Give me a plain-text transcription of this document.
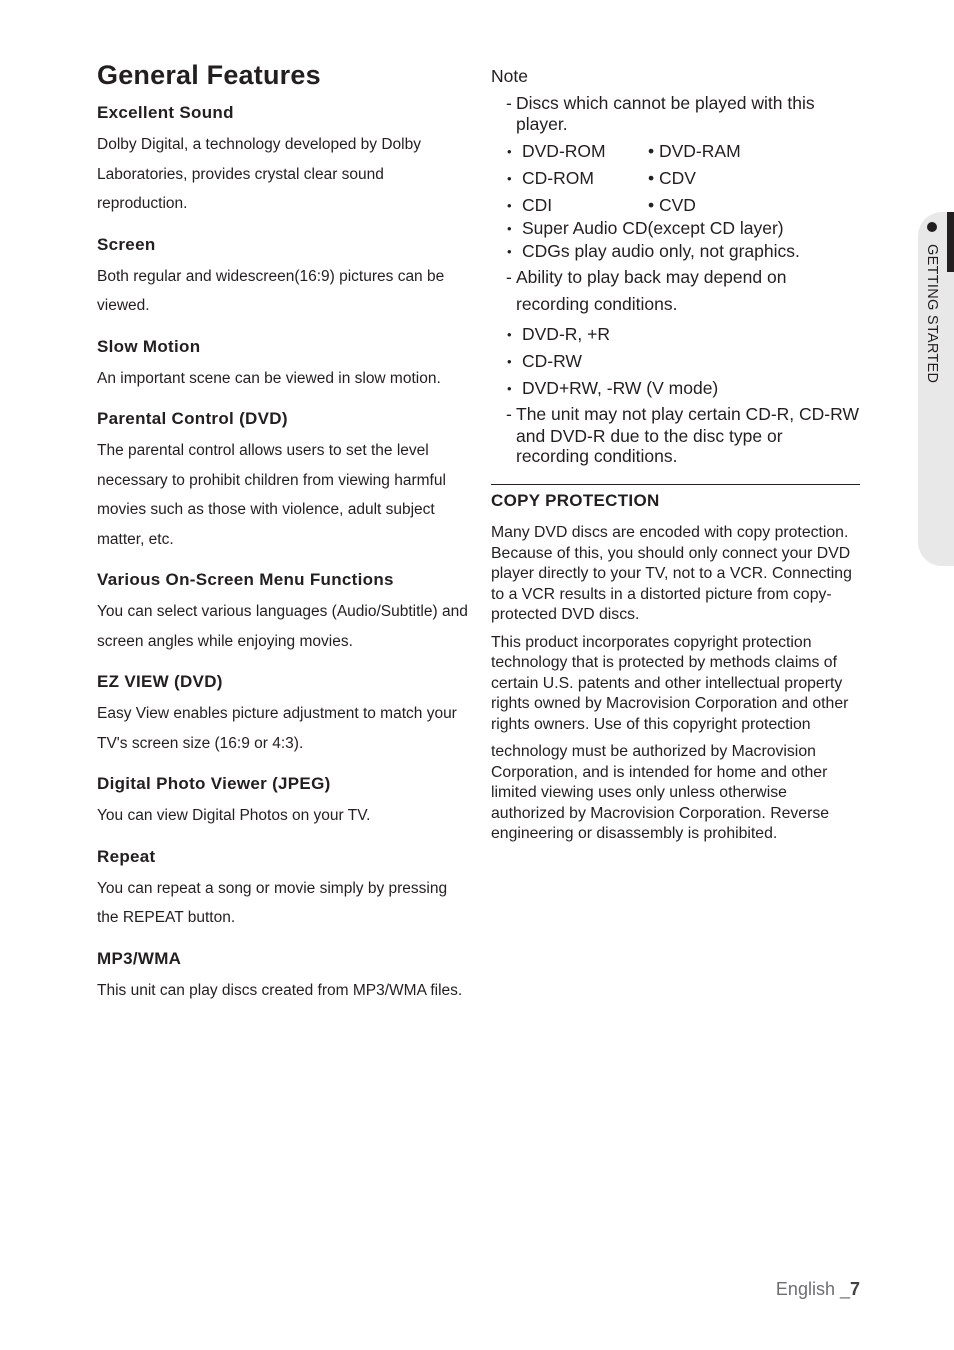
General Features
Excellent Sound

Dolby Digital, a technology developed by Dolby Laboratories, provides crystal clear sound reproduction.

Screen

Both regular and widescreen(16:9) pictures can be viewed.

Slow Motion

An important scene can be viewed in slow motion.

Parental Control (DVD)

The parental control allows users to set the level necessary to prohibit children from viewing harmful movies such as those with violence, adult subject matter, etc.

Various On-Screen Menu Functions

You can select various languages (Audio/Subtitle) and screen angles while enjoying movies.

EZ VIEW (DVD)

Easy View enables picture adjustment to match your TV's screen size (16:9 or 4:3).

Digital Photo Viewer (JPEG)

You can view Digital Photos on your TV.

Repeat

You can repeat a song or movie simply by pressing the REPEAT button.

MP3/WMA

This unit can play discs created from MP3/WMA files.

Note
- Discs which cannot be played with this player.
• DVD-ROM • DVD-RAM
• CD-ROM	• CDV
• CDI	• CVD
• Super Audio CD(except CD layer)
• CDGs play audio only, not graphics.
- Ability to play back may depend on
recording conditions.
• DVD-R, +R
• CD-RW
• DVD+RW, -RW (V mode)
- The unit may not play certain CD-R, CD-RW
and DVD-R due to the disc type or recording conditions.
COPY PROTECTION

Many DVD discs are encoded with copy protection. Because of this, you should only connect your DVD player directly to your TV, not to a VCR. Connecting to a VCR results in a distorted picture from copy-protected DVD discs.

This product incorporates copyright protection technology that is protected by methods claims of certain U.S. patents and other intellectual property rights owned by Macrovision Corporation and other rights owners. Use of this copyright protection

technology must be authorized by Macrovision Corporation, and is intended for home and other limited viewing uses only unless otherwise authorized by Macrovision Corporation. Reverse engineering or disassembly is prohibited.

GETTING STARTED
English _7
